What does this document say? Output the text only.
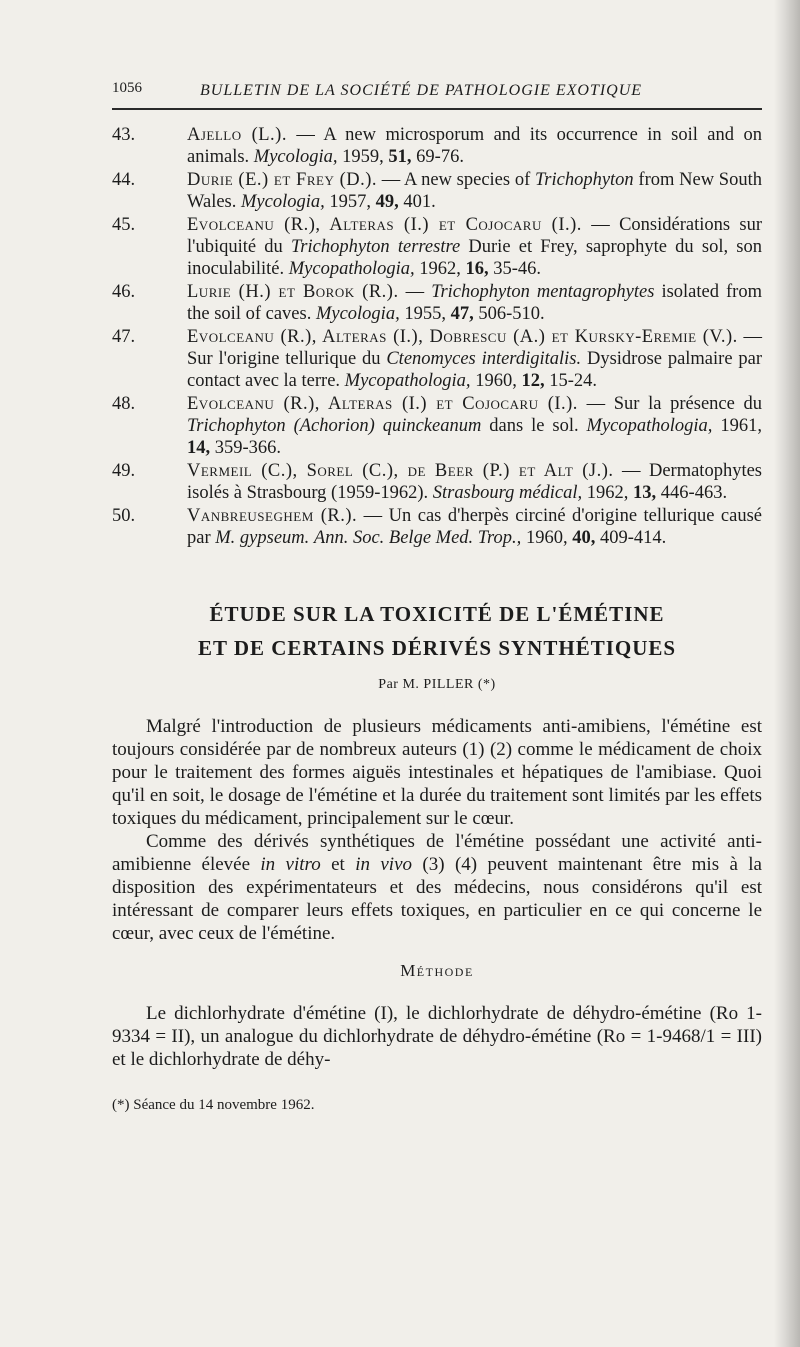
1056	BULLETIN DE LA SOCIÉTÉ DE PATHOLOGIE EXOTIQUE
43.	Ajello (L.). — A new microsporum and its occurrence in soil and on animals. Mycologia, 1959, 51, 69-76.
44.	Durie (E.) et Frey (D.). — A new species of Trichophyton from New South Wales. Mycologia, 1957, 49, 401.
45.	Evolceanu (R.), Alteras (I.) et Cojocaru (I.). — Considérations sur l'ubiquité du Trichophyton terrestre Durie et Frey, saprophyte du sol, son inoculabilité. Mycopathologia, 1962, 16, 35-46.
46.	Lurie (H.) et Borok (R.). — Trichophyton mentagrophytes isolated from the soil of caves. Mycologia, 1955, 47, 506-510.
47.	Evolceanu (R.), Alteras (I.), Dobrescu (A.) et Kursky-Eremie (V.). — Sur l'origine tellurique du Ctenomyces interdigitalis. Dysidrose palmaire par contact avec la terre. Mycopathologia, 1960, 12, 15-24.
48.	Evolceanu (R.), Alteras (I.) et Cojocaru (I.). — Sur la présence du Trichophyton (Achorion) quinckeanum dans le sol. Mycopathologia, 1961, 14, 359-366.
49.	Vermeil (C.), Sorel (C.), de Beer (P.) et Alt (J.). — Dermatophytes isolés à Strasbourg (1959-1962). Strasbourg médical, 1962, 13, 446-463.
50.	Vanbreuseghem (R.). — Un cas d'herpès circiné d'origine tellurique causé par M. gypseum. Ann. Soc. Belge Med. Trop., 1960, 40, 409-414.
ÉTUDE SUR LA TOXICITÉ DE L'ÉMÉTINE
ET DE CERTAINS DÉRIVÉS SYNTHÉTIQUES
Par M. PILLER (*)

Malgré l'introduction de plusieurs médicaments anti-amibiens, l'émétine est toujours considérée par de nombreux auteurs (1) (2) comme le médicament de choix pour le traitement des formes aiguës intestinales et hépatiques de l'amibiase. Quoi qu'il en soit, le dosage de l'émétine et la durée du traitement sont limités par les effets toxiques du médicament, principalement sur le cœur.

Comme des dérivés synthétiques de l'émétine possédant une activité anti-amibienne élevée in vitro et in vivo (3) (4) peuvent maintenant être mis à la disposition des expérimentateurs et des médecins, nous considérons qu'il est intéressant de comparer leurs effets toxiques, en particulier en ce qui concerne le cœur, avec ceux de l'émétine.

Méthode

Le dichlorhydrate d'émétine (I), le dichlorhydrate de déhydro-émétine (Ro 1-9334 = II), un analogue du dichlorhydrate de déhydro-émétine (Ro = 1-9468/1 = III) et le dichlorhydrate de déhy-

(*) Séance du 14 novembre 1962.
